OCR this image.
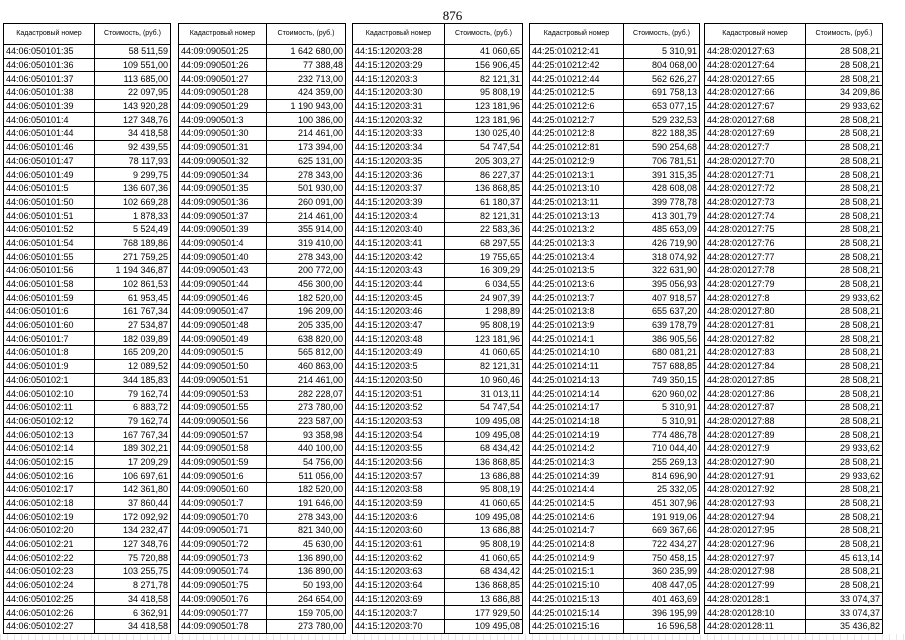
876
Кадастровый номер	Стоимость, (руб.)
44:06:050101:35	58 511,59
44:06:050101:36	109 551,00
44:06:050101:37	113 685,00
44:06:050101:38	22 097,95
44:06:050101:39	143 920,28
44:06:050101:4	127 348,76
44:06:050101:44	34 418,58
44:06:050101:46	92 439,55
44:06:050101:47	78 117,93
44:06:050101:49	9 299,75
44:06:050101:5	136 607,36
44:06:050101:50	102 669,28
44:06:050101:51	1 878,33
44:06:050101:52	5 524,49
44:06:050101:54	768 189,86
44:06:050101:55	271 759,25
44:06:050101:56	1 194 346,87
44:06:050101:58	102 861,53
44:06:050101:59	61 953,45
44:06:050101:6	161 767,34
44:06:050101:60	27 534,87
44:06:050101:7	182 039,89
44:06:050101:8	165 209,20
44:06:050101:9	12 089,52
44:06:050102:1	344 185,83
44:06:050102:10	79 162,74
44:06:050102:11	6 883,72
44:06:050102:12	79 162,74
44:06:050102:13	167 767,34
44:06:050102:14	189 302,21
44:06:050102:15	17 209,29
44:06:050102:16	106 697,61
44:06:050102:17	142 361,80
44:06:050102:18	37 860,44
44:06:050102:19	172 092,92
44:06:050102:20	134 232,47
44:06:050102:21	127 348,76
44:06:050102:22	75 720,88
44:06:050102:23	103 255,75
44:06:050102:24	8 271,78
44:06:050102:25	34 418,58
44:06:050102:26	6 362,91
44:06:050102:27	34 418,58
Кадастровый номер	Стоимость, (руб.)
44:09:090501:25	1 642 680,00
44:09:090501:26	77 388,48
44:09:090501:27	232 713,00
44:09:090501:28	424 359,00
44:09:090501:29	1 190 943,00
44:09:090501:3	100 386,00
44:09:090501:30	214 461,00
44:09:090501:31	173 394,00
44:09:090501:32	625 131,00
44:09:090501:34	278 343,00
44:09:090501:35	501 930,00
44:09:090501:36	260 091,00
44:09:090501:37	214 461,00
44:09:090501:39	355 914,00
44:09:090501:4	319 410,00
44:09:090501:40	278 343,00
44:09:090501:43	200 772,00
44:09:090501:44	456 300,00
44:09:090501:46	182 520,00
44:09:090501:47	196 209,00
44:09:090501:48	205 335,00
44:09:090501:49	638 820,00
44:09:090501:5	565 812,00
44:09:090501:50	460 863,00
44:09:090501:51	214 461,00
44:09:090501:53	282 228,07
44:09:090501:55	273 780,00
44:09:090501:56	223 587,00
44:09:090501:57	93 358,98
44:09:090501:58	440 100,00
44:09:090501:59	54 756,00
44:09:090501:6	511 056,00
44:09:090501:60	182 520,00
44:09:090501:7	191 646,00
44:09:090501:70	278 343,00
44:09:090501:71	821 340,00
44:09:090501:72	45 630,00
44:09:090501:73	136 890,00
44:09:090501:74	136 890,00
44:09:090501:75	50 193,00
44:09:090501:76	264 654,00
44:09:090501:77	159 705,00
44:09:090501:78	273 780,00
Кадастровый номер	Стоимость, (руб.)
44:15:120203:28	41 060,65
44:15:120203:29	156 906,45
44:15:120203:3	82 121,31
44:15:120203:30	95 808,19
44:15:120203:31	123 181,96
44:15:120203:32	123 181,96
44:15:120203:33	130 025,40
44:15:120203:34	54 747,54
44:15:120203:35	205 303,27
44:15:120203:36	86 227,37
44:15:120203:37	136 868,85
44:15:120203:39	61 180,37
44:15:120203:4	82 121,31
44:15:120203:40	22 583,36
44:15:120203:41	68 297,55
44:15:120203:42	19 755,65
44:15:120203:43	16 309,29
44:15:120203:44	6 034,55
44:15:120203:45	24 907,39
44:15:120203:46	1 298,89
44:15:120203:47	95 808,19
44:15:120203:48	123 181,96
44:15:120203:49	41 060,65
44:15:120203:5	82 121,31
44:15:120203:50	10 960,46
44:15:120203:51	31 013,11
44:15:120203:52	54 747,54
44:15:120203:53	109 495,08
44:15:120203:54	109 495,08
44:15:120203:55	68 434,42
44:15:120203:56	136 868,85
44:15:120203:57	13 686,88
44:15:120203:58	95 808,19
44:15:120203:59	41 060,65
44:15:120203:6	109 495,08
44:15:120203:60	13 686,88
44:15:120203:61	95 808,19
44:15:120203:62	41 060,65
44:15:120203:63	68 434,42
44:15:120203:64	136 868,85
44:15:120203:69	13 686,88
44:15:120203:7	177 929,50
44:15:120203:70	109 495,08
Кадастровый номер	Стоимость, (руб.)
44:25:010212:41	5 310,91
44:25:010212:42	804 068,00
44:25:010212:44	562 626,27
44:25:010212:5	691 758,13
44:25:010212:6	653 077,15
44:25:010212:7	529 232,53
44:25:010212:8	822 188,35
44:25:010212:81	590 254,68
44:25:010212:9	706 781,51
44:25:010213:1	391 315,35
44:25:010213:10	428 608,08
44:25:010213:11	399 778,78
44:25:010213:13	413 301,79
44:25:010213:2	485 653,09
44:25:010213:3	426 719,90
44:25:010213:4	318 074,92
44:25:010213:5	322 631,90
44:25:010213:6	395 056,93
44:25:010213:7	407 918,57
44:25:010213:8	655 637,20
44:25:010213:9	639 178,79
44:25:010214:1	386 905,56
44:25:010214:10	680 081,21
44:25:010214:11	757 688,85
44:25:010214:13	749 350,15
44:25:010214:14	620 960,02
44:25:010214:17	5 310,91
44:25:010214:18	5 310,91
44:25:010214:19	774 486,78
44:25:010214:2	710 044,40
44:25:010214:3	255 269,13
44:25:010214:39	814 696,90
44:25:010214:4	25 332,05
44:25:010214:5	451 307,96
44:25:010214:6	191 919,06
44:25:010214:7	669 367,66
44:25:010214:8	722 434,27
44:25:010214:9	750 458,15
44:25:010215:1	360 235,99
44:25:010215:10	408 447,05
44:25:010215:13	401 463,69
44:25:010215:14	396 195,99
44:25:010215:16	16 596,58
Кадастровый номер	Стоимость, (руб.)
44:28:020127:63	28 508,21
44:28:020127:64	28 508,21
44:28:020127:65	28 508,21
44:28:020127:66	34 209,86
44:28:020127:67	29 933,62
44:28:020127:68	28 508,21
44:28:020127:69	28 508,21
44:28:020127:7	28 508,21
44:28:020127:70	28 508,21
44:28:020127:71	28 508,21
44:28:020127:72	28 508,21
44:28:020127:73	28 508,21
44:28:020127:74	28 508,21
44:28:020127:75	28 508,21
44:28:020127:76	28 508,21
44:28:020127:77	28 508,21
44:28:020127:78	28 508,21
44:28:020127:79	28 508,21
44:28:020127:8	29 933,62
44:28:020127:80	28 508,21
44:28:020127:81	28 508,21
44:28:020127:82	28 508,21
44:28:020127:83	28 508,21
44:28:020127:84	28 508,21
44:28:020127:85	28 508,21
44:28:020127:86	28 508,21
44:28:020127:87	28 508,21
44:28:020127:88	28 508,21
44:28:020127:89	28 508,21
44:28:020127:9	29 933,62
44:28:020127:90	28 508,21
44:28:020127:91	29 933,62
44:28:020127:92	28 508,21
44:28:020127:93	28 508,21
44:28:020127:94	28 508,21
44:28:020127:95	28 508,21
44:28:020127:96	28 508,21
44:28:020127:97	45 613,14
44:28:020127:98	28 508,21
44:28:020127:99	28 508,21
44:28:020128:1	33 074,37
44:28:020128:10	33 074,37
44:28:020128:11	35 436,82
